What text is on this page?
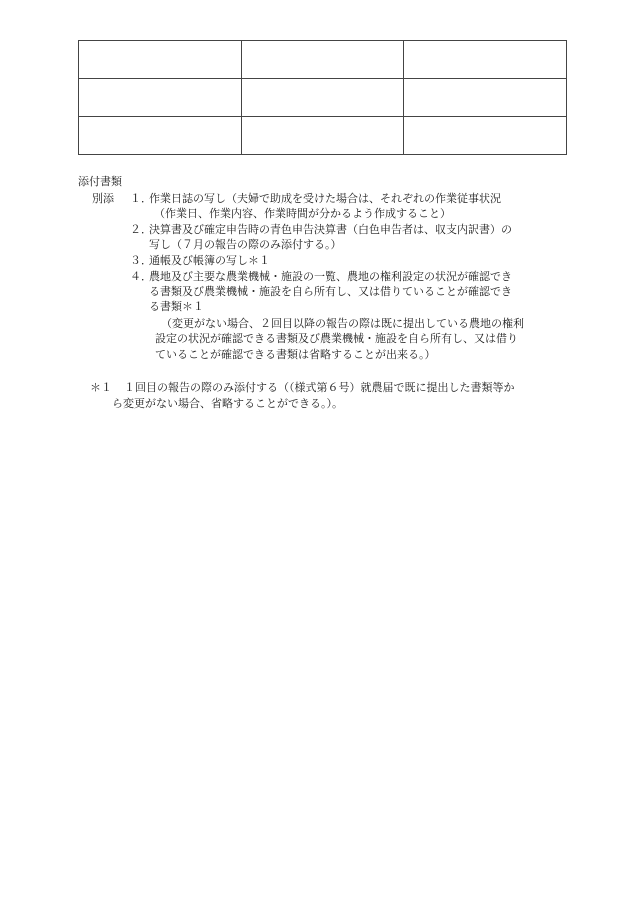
添付書類
別添 １．
作業日誌の写し（夫婦で助成を受けた場合は、それぞれの作業従事状況
（作業日、作業内容、作業時間が分かるよう作成すること）
２．
決算書及び確定申告時の青色申告決算書（白色申告者は、収支内訳書）の
写し（７月の報告の際のみ添付する。）
３．
通帳及び帳簿の写し＊１
４．
農地及び主要な農業機械・施設の一覧、農地の権利設定の状況が確認でき
る書類及び農業機械・施設を自ら所有し、又は借りていることが確認でき
る書類＊１
（変更がない場合、２回目以降の報告の際は既に提出している農地の権利
設定の状況が確認できる書類及び農業機械・施設を自ら所有し、又は借り
ていることが確認できる書類は省略することが出来る。）
＊１ １回目の報告の際のみ添付する（（様式第６号）就農届で既に提出した書類等か
ら変更がない場合、省略することができる。）。
